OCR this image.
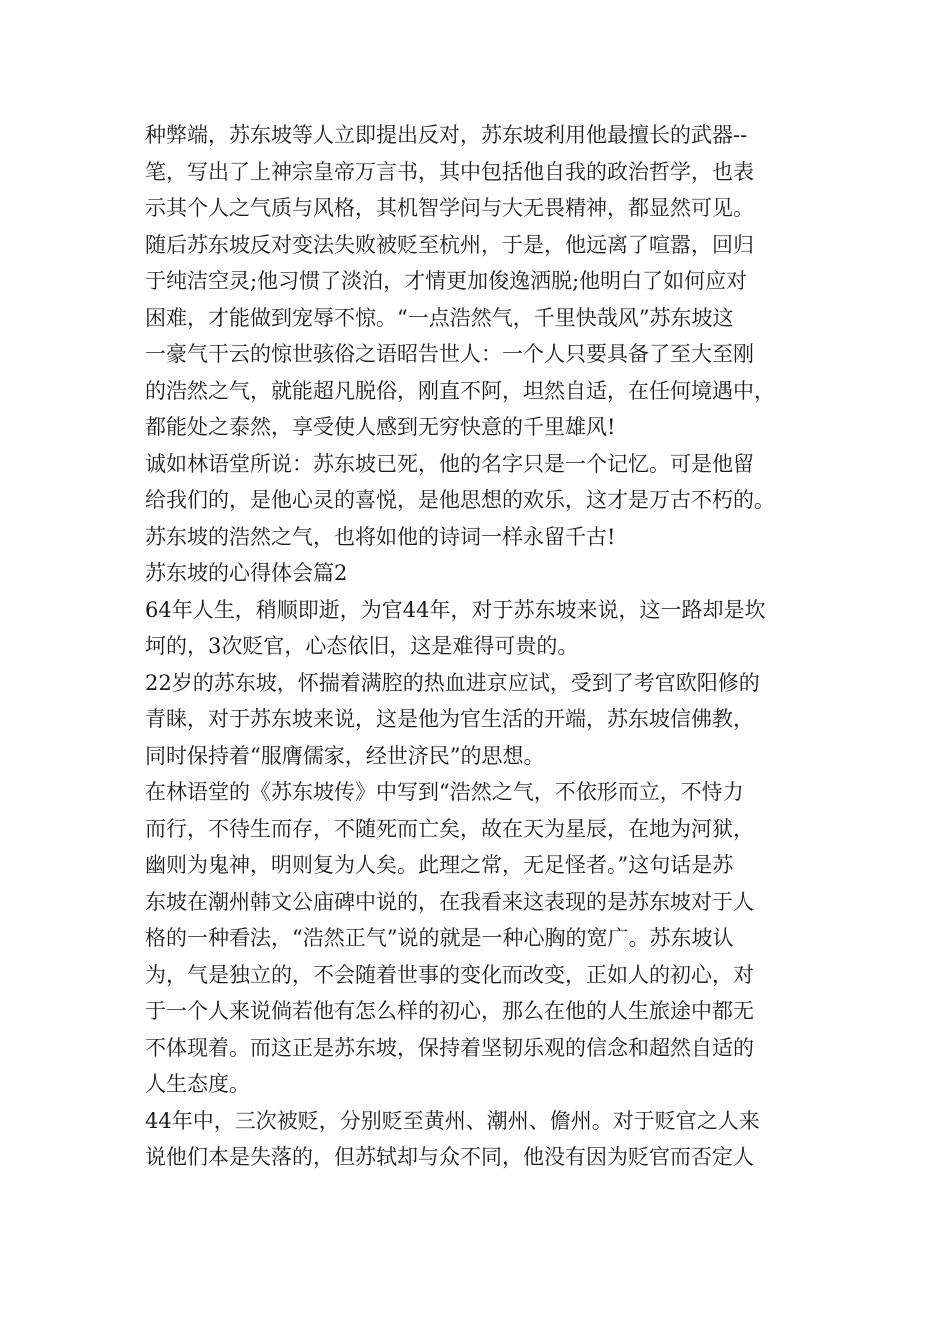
种弊端，苏东坡等人立即提出反对，苏东坡利用他最擅长的武器--
笔，写出了上神宗皇帝万言书，其中包括他自我的政治哲学，也表
示其个人之气质与风格，其机智学问与大无畏精神，都显然可见。
随后苏东坡反对变法失败被贬至杭州，于是，他远离了喧嚣，回归
于纯洁空灵;他习惯了淡泊，才情更加俊逸洒脱;他明白了如何应对
困难，才能做到宠辱不惊。“一点浩然气，千里快哉风”苏东坡这
一豪气干云的惊世骇俗之语昭告世人：一个人只要具备了至大至刚
的浩然之气，就能超凡脱俗，刚直不阿，坦然自适，在任何境遇中，
都能处之泰然，享受使人感到无穷快意的千里雄风!
诚如林语堂所说：苏东坡已死，他的名字只是一个记忆。可是他留
给我们的，是他心灵的喜悦，是他思想的欢乐，这才是万古不朽的。
苏东坡的浩然之气，也将如他的诗词一样永留千古!
苏东坡的心得体会篇2
64年人生，稍顺即逝，为官44年，对于苏东坡来说，这一路却是坎
坷的，3次贬官，心态依旧，这是难得可贵的。
22岁的苏东坡，怀揣着满腔的热血进京应试，受到了考官欧阳修的
青睐，对于苏东坡来说，这是他为官生活的开端，苏东坡信佛教，
同时保持着“服膺儒家，经世济民”的思想。
在林语堂的《苏东坡传》中写到“浩然之气，不依形而立，不恃力
而行，不待生而存，不随死而亡矣，故在天为星辰，在地为河狱，
幽则为鬼神，明则复为人矣。此理之常，无足怪者。”这句话是苏
东坡在潮州韩文公庙碑中说的，在我看来这表现的是苏东坡对于人
格的一种看法，“浩然正气”说的就是一种心胸的宽广。苏东坡认
为，气是独立的，不会随着世事的变化而改变，正如人的初心，对
于一个人来说倘若他有怎么样的初心，那么在他的人生旅途中都无
不体现着。而这正是苏东坡，保持着坚韧乐观的信念和超然自适的
人生态度。
44年中，三次被贬，分别贬至黄州、潮州、儋州。对于贬官之人来
说他们本是失落的，但苏轼却与众不同，他没有因为贬官而否定人
